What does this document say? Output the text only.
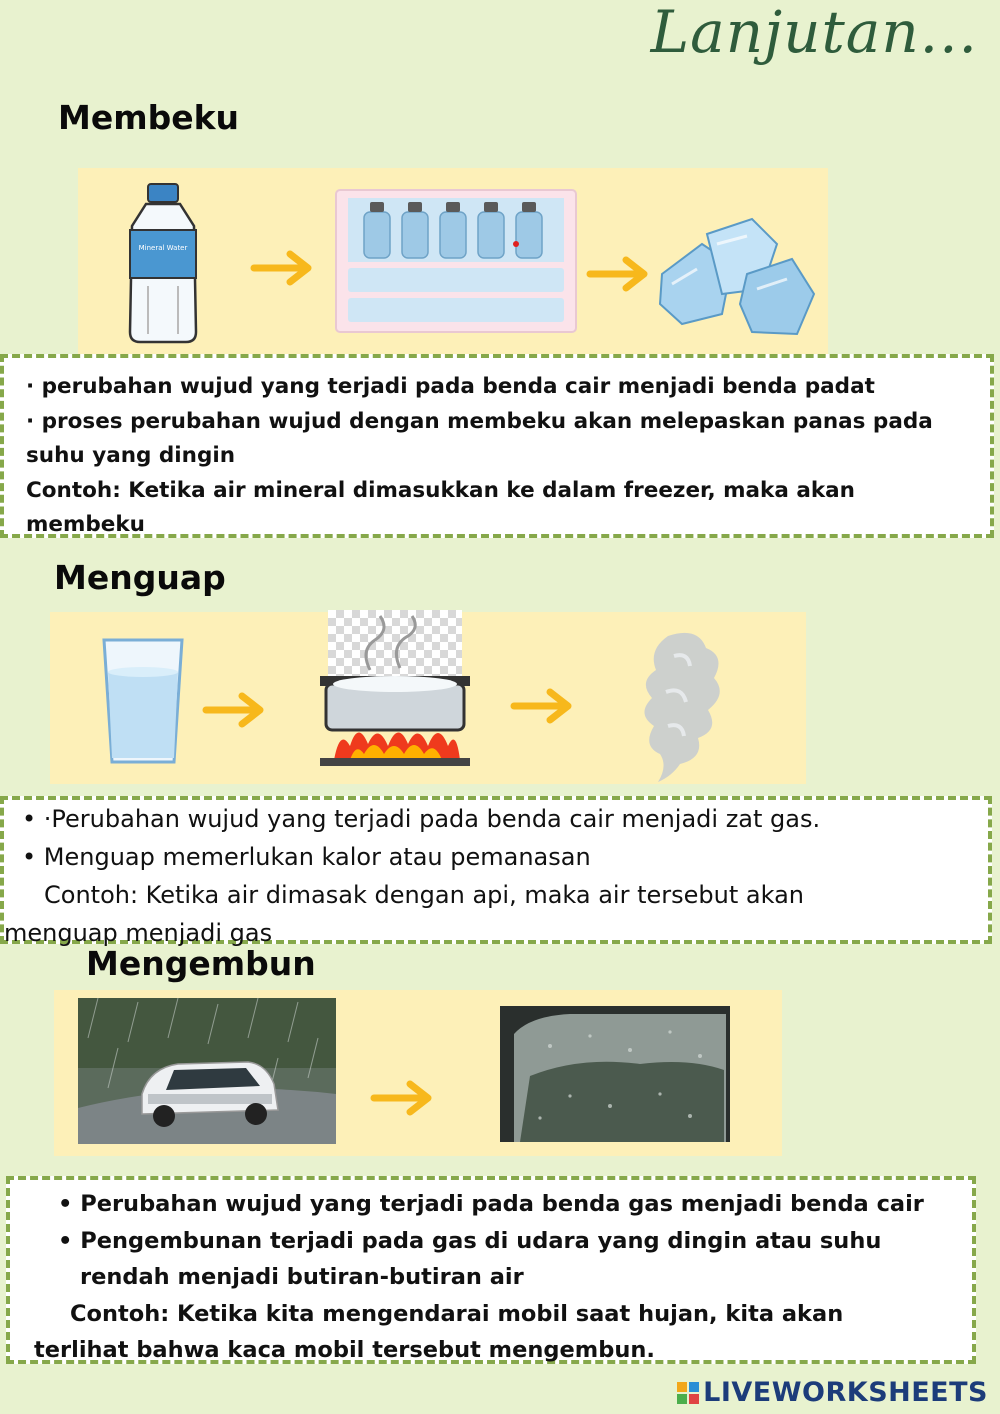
Lanjutan...
Membeku
Mineral Water

· perubahan wujud yang terjadi pada benda cair menjadi benda padat

· proses perubahan wujud dengan membeku akan melepaskan panas pada

suhu yang dingin

Contoh: Ketika air mineral dimasukkan ke dalam freezer, maka akan

membeku

Menguap

• ·Perubahan wujud yang terjadi pada benda cair menjadi zat gas.

• Menguap memerlukan kalor atau pemanasan

Contoh: Ketika air dimasak dengan api, maka air tersebut akan

menguap menjadi gas

Mengembun

• Perubahan wujud yang terjadi pada benda gas menjadi benda cair

• Pengembunan terjadi pada gas di udara yang dingin atau suhu

rendah menjadi butiran-butiran air

Contoh: Ketika kita mengendarai mobil saat hujan, kita akan

terlihat bahwa kaca mobil tersebut mengembun.

LIVEWORKSHEETS
